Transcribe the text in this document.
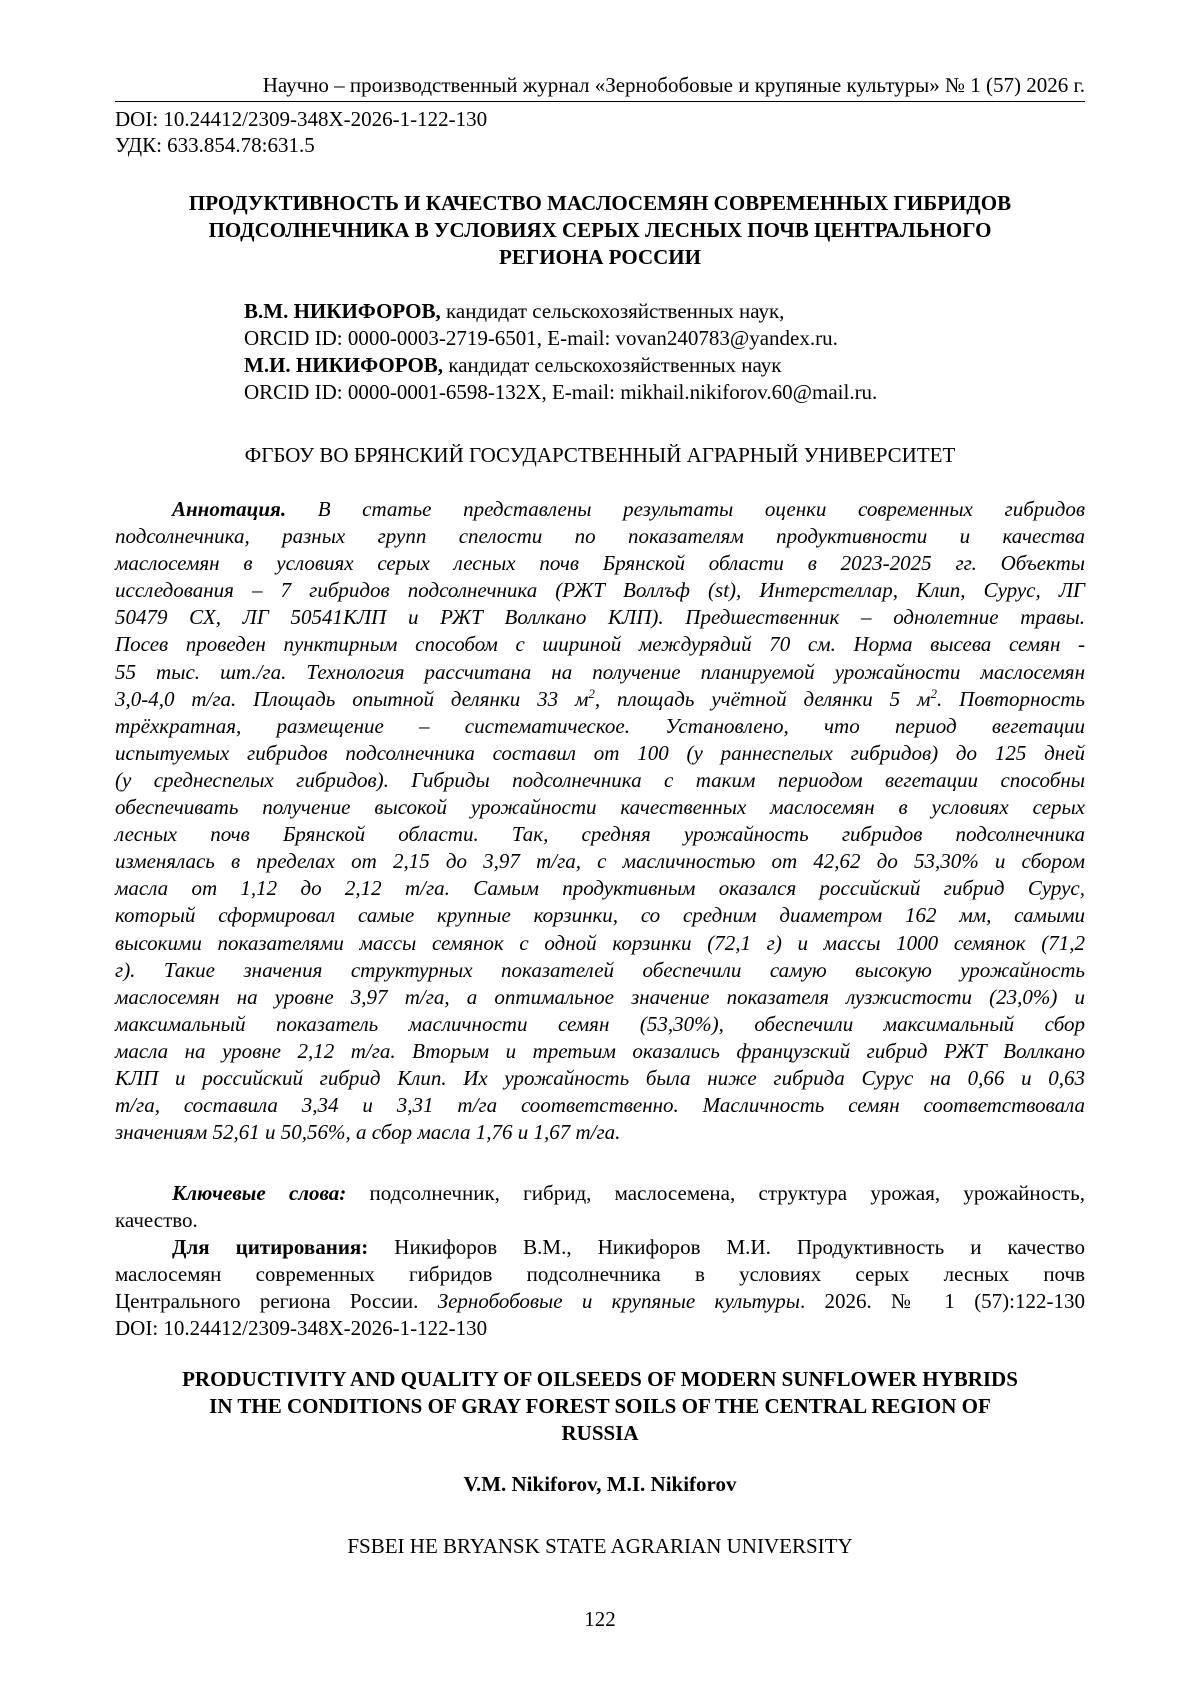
Научно – производственный журнал «Зернобобовые и крупяные культуры» № 1 (57) 2026 г.
DOI: 10.24412/2309-348X-2026-1-122-130
УДК: 633.854.78:631.5
ПРОДУКТИВНОСТЬ И КАЧЕСТВО МАСЛОСЕМЯН СОВРЕМЕННЫХ ГИБРИДОВ
ПОДСОЛНЕЧНИКА В УСЛОВИЯХ СЕРЫХ ЛЕСНЫХ ПОЧВ ЦЕНТРАЛЬНОГО
РЕГИОНА РОССИИ
В.М. НИКИФОРОВ, кандидат сельскохозяйственных наук,
ORCID ID: 0000-0003-2719-6501, E-mail: vovan240783@yandex.ru.
М.И. НИКИФОРОВ, кандидат сельскохозяйственных наук
ORCID ID: 0000-0001-6598-132X, E-mail: mikhail.nikiforov.60@mail.ru.
ФГБОУ ВО БРЯНСКИЙ ГОСУДАРСТВЕННЫЙ АГРАРНЫЙ УНИВЕРСИТЕТ
Аннотация. В статье представлены результаты оценки современных гибридов
подсолнечника, разных групп спелости по показателям продуктивности и качества
маслосемян в условиях серых лесных почв Брянской области в 2023-2025 гг. Объекты
исследования – 7 гибридов подсолнечника (РЖТ Воллъф (st), Интерстеллар, Клип, Сурус, ЛГ
50479 СХ, ЛГ 50541КЛП и РЖТ Воллкано КЛП). Предшественник – однолетние травы.
Посев проведен пунктирным способом с шириной междурядий 70 см. Норма высева семян -
55 тыс. шт./га. Технология рассчитана на получение планируемой урожайности маслосемян
3,0-4,0 т/га. Площадь опытной делянки 33 $м^2$, площадь учётной делянки 5 $м^2$. Повторность
трёхкратная, размещение – систематическое. Установлено, что период вегетации
испытуемых гибридов подсолнечника составил от 100 (у раннеспелых гибридов) до 125 дней
(у среднеспелых гибридов). Гибриды подсолнечника с таким периодом вегетации способны
обеспечивать получение высокой урожайности качественных маслосемян в условиях серых
лесных почв Брянской области. Так, средняя урожайность гибридов подсолнечника
изменялась в пределах от 2,15 до 3,97 т/га, с масличностью от 42,62 до 53,30% и сбором
масла от 1,12 до 2,12 т/га. Самым продуктивным оказался российский гибрид Сурус,
который сформировал самые крупные корзинки, со средним диаметром 162 мм, самыми
высокими показателями массы семянок с одной корзинки (72,1 г) и массы 1000 семянок (71,2
г). Такие значения структурных показателей обеспечили самую высокую урожайность
маслосемян на уровне 3,97 т/га, а оптимальное значение показателя лузжистости (23,0%) и
максимальный показатель масличности семян (53,30%), обеспечили максимальный сбор
масла на уровне 2,12 т/га. Вторым и третьим оказались французский гибрид РЖТ Воллкано
КЛП и российский гибрид Клип. Их урожайность была ниже гибрида Сурус на 0,66 и 0,63
т/га, составила 3,34 и 3,31 т/га соответственно. Масличность семян соответствовала
значениям 52,61 и 50,56%, а сбор масла 1,76 и 1,67 т/га.
Ключевые слова: подсолнечник, гибрид, маслосемена, структура урожая, урожайность,
качество.
Для цитирования: Никифоров В.М., Никифоров М.И. Продуктивность и качество
маслосемян современных гибридов подсолнечника в условиях серых лесных почв
Центрального региона России. Зернобобовые и крупяные культуры. 2026. № 1 (57):122-130
DOI: 10.24412/2309-348X-2026-1-122-130
PRODUCTIVITY AND QUALITY OF OILSEEDS OF MODERN SUNFLOWER HYBRIDS
IN THE CONDITIONS OF GRAY FOREST SOILS OF THE CENTRAL REGION OF
RUSSIA
V.M. Nikiforov, M.I. Nikiforov
FSBEI HE BRYANSK STATE AGRARIAN UNIVERSITY
122
